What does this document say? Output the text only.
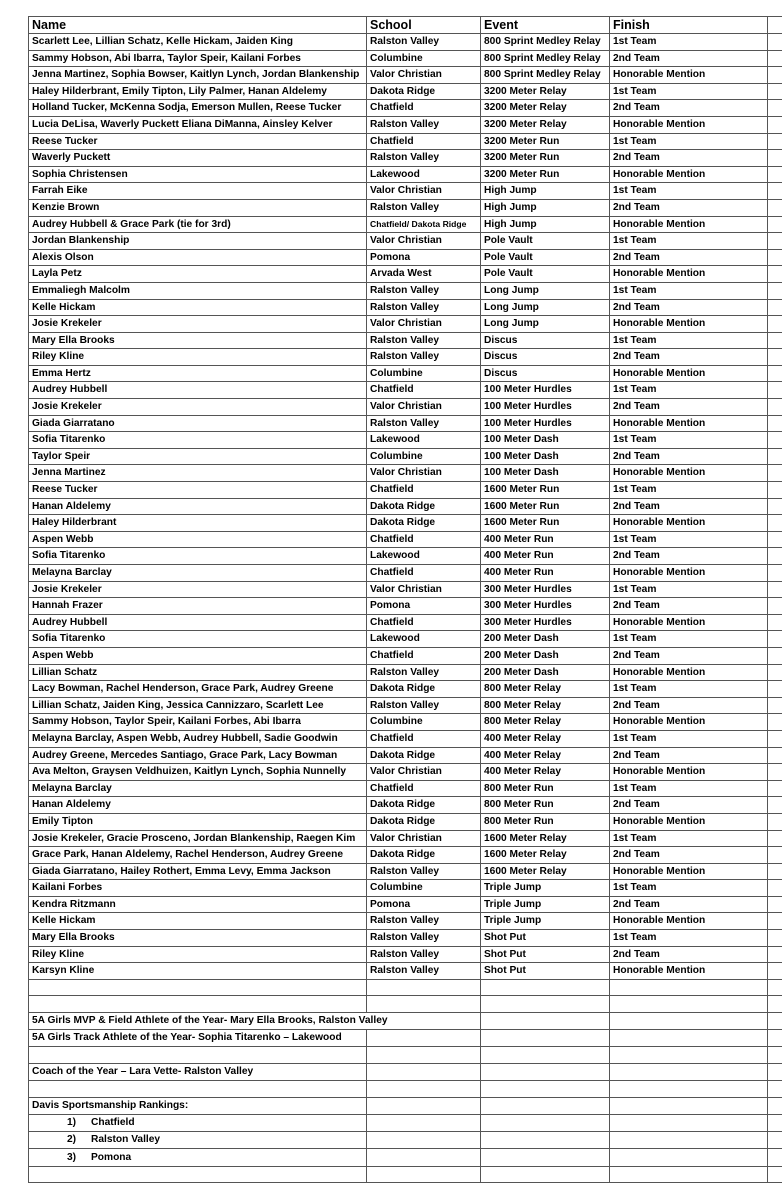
Name	School	Event	Finish	
Scarlett Lee, Lillian Schatz, Kelle Hickam, Jaiden King	Ralston Valley	800 Sprint Medley Relay	1st Team	
Sammy Hobson, Abi Ibarra, Taylor Speir, Kailani Forbes	Columbine	800 Sprint Medley Relay	2nd Team	
Jenna Martinez, Sophia Bowser, Kaitlyn Lynch, Jordan Blankenship	Valor Christian	800 Sprint Medley Relay	Honorable Mention	
Haley Hilderbrant, Emily Tipton, Lily Palmer, Hanan Aldelemy	Dakota Ridge	3200 Meter Relay	1st Team	
Holland Tucker, McKenna Sodja, Emerson Mullen, Reese Tucker	Chatfield	3200 Meter Relay	2nd Team	
Lucia DeLisa, Waverly Puckett Eliana DiManna, Ainsley Kelver	Ralston Valley	3200 Meter Relay	Honorable Mention	
Reese Tucker	Chatfield	3200 Meter Run	1st Team	
Waverly Puckett	Ralston Valley	3200 Meter Run	2nd Team	
Sophia Christensen	Lakewood	3200 Meter Run	Honorable Mention	
Farrah Eike	Valor Christian	High Jump	1st Team	
Kenzie Brown	Ralston Valley	High Jump	2nd Team	
Audrey Hubbell & Grace Park (tie for 3rd)	Chatfield/ Dakota Ridge	High Jump	Honorable Mention	
Jordan Blankenship	Valor Christian	Pole Vault	1st Team	
Alexis Olson	Pomona	Pole Vault	2nd Team	
Layla Petz	Arvada West	Pole Vault	Honorable Mention	
Emmaliegh Malcolm	Ralston Valley	Long Jump	1st Team	
Kelle Hickam	Ralston Valley	Long Jump	2nd Team	
Josie Krekeler	Valor Christian	Long Jump	Honorable Mention	
Mary Ella Brooks	Ralston Valley	Discus	1st Team	
Riley Kline	Ralston Valley	Discus	2nd Team	
Emma Hertz	Columbine	Discus	Honorable Mention	
Audrey Hubbell	Chatfield	100 Meter Hurdles	1st Team	
Josie Krekeler	Valor Christian	100 Meter Hurdles	2nd Team	
Giada Giarratano	Ralston Valley	100 Meter Hurdles	Honorable Mention	
Sofia Titarenko	Lakewood	100 Meter Dash	1st Team	
Taylor Speir	Columbine	100 Meter Dash	2nd Team	
Jenna Martinez	Valor Christian	100 Meter Dash	Honorable Mention	
Reese Tucker	Chatfield	1600 Meter Run	1st Team	
Hanan Aldelemy	Dakota Ridge	1600 Meter Run	2nd Team	
Haley Hilderbrant	Dakota Ridge	1600 Meter Run	Honorable Mention	
Aspen Webb	Chatfield	400 Meter Run	1st Team	
Sofia Titarenko	Lakewood	400 Meter Run	2nd Team	
Melayna Barclay	Chatfield	400 Meter Run	Honorable Mention	
Josie Krekeler	Valor Christian	300 Meter Hurdles	1st Team	
Hannah Frazer	Pomona	300 Meter Hurdles	2nd Team	
Audrey Hubbell	Chatfield	300 Meter Hurdles	Honorable Mention	
Sofia Titarenko	Lakewood	200 Meter Dash	1st Team	
Aspen Webb	Chatfield	200 Meter Dash	2nd Team	
Lillian Schatz	Ralston Valley	200 Meter Dash	Honorable Mention	
Lacy Bowman, Rachel Henderson, Grace Park, Audrey Greene	Dakota Ridge	800 Meter Relay	1st Team	
Lillian Schatz, Jaiden King, Jessica Cannizzaro, Scarlett Lee	Ralston Valley	800 Meter Relay	2nd Team	
Sammy Hobson, Taylor Speir, Kailani Forbes, Abi Ibarra	Columbine	800 Meter Relay	Honorable Mention	
Melayna Barclay, Aspen Webb, Audrey Hubbell, Sadie Goodwin	Chatfield	400 Meter Relay	1st Team	
Audrey Greene, Mercedes Santiago, Grace Park, Lacy Bowman	Dakota Ridge	400 Meter Relay	2nd Team	
Ava Melton, Graysen Veldhuizen, Kaitlyn Lynch, Sophia Nunnelly	Valor Christian	400 Meter Relay	Honorable Mention	
Melayna Barclay	Chatfield	800 Meter Run	1st Team	
Hanan Aldelemy	Dakota Ridge	800 Meter Run	2nd Team	
Emily Tipton	Dakota Ridge	800 Meter Run	Honorable Mention	
Josie Krekeler, Gracie Prosceno, Jordan Blankenship, Raegen Kim	Valor Christian	1600 Meter Relay	1st Team	
Grace Park, Hanan Aldelemy, Rachel Henderson, Audrey Greene	Dakota Ridge	1600 Meter Relay	2nd Team	
Giada Giarratano, Hailey Rothert, Emma Levy, Emma Jackson	Ralston Valley	1600 Meter Relay	Honorable Mention	
Kailani Forbes	Columbine	Triple Jump	1st Team	
Kendra Ritzmann	Pomona	Triple Jump	2nd Team	
Kelle Hickam	Ralston Valley	Triple Jump	Honorable Mention	
Mary Ella Brooks	Ralston Valley	Shot Put	1st Team	
Riley Kline	Ralston Valley	Shot Put	2nd Team	
Karsyn Kline	Ralston Valley	Shot Put	Honorable Mention	

5A Girls MVP & Field Athlete of the Year- Mary Ella Brooks, Ralston Valley				

5A Girls Track Athlete of the Year- Sophia Titarenko – Lakewood				

Coach of the Year – Lara Vette- Ralston Valley				

Davis Sportsmanship Rankings:				
1) Chatfield				
2) Ralston Valley				
3) Pomona				
